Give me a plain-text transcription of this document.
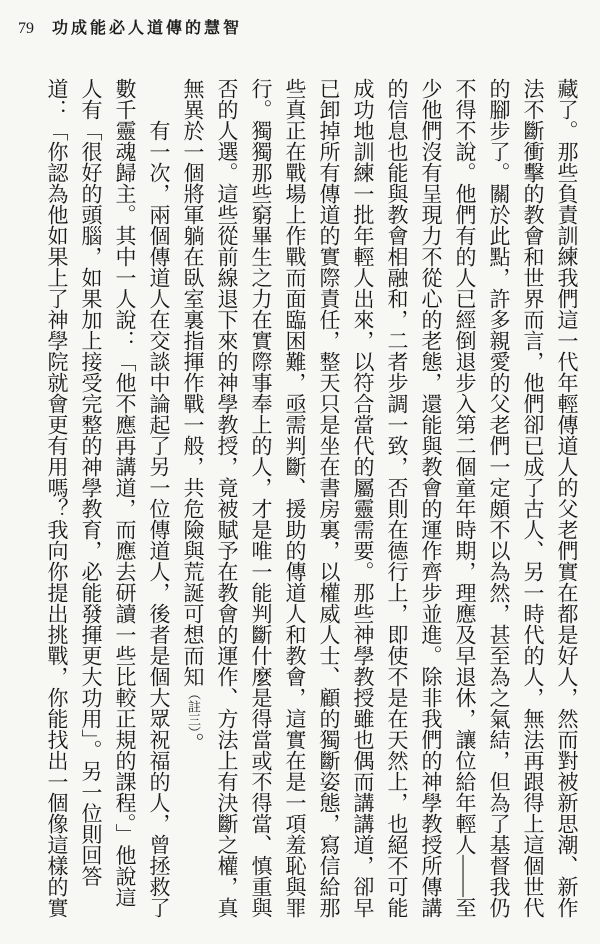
79 功成能必人道傳的慧智
藏了。那些負責訓練我們這一代年輕傳道人的父老們實在都是好人，然而對被新思潮、新作
法不斷衝擊的教會和世界而言，他們卻已成了古人、另一時代的人，無法再跟得上這個世代
的腳步了。關於此點，許多親愛的父老們一定頗不以為然，甚至為之氣結，但為了基督我仍
不得不說。他們有的人已經倒退步入第二個童年時期，理應及早退休，讓位給年輕人——至
少他們沒有呈現力不從心的老態，還能與教會的運作齊步並進。除非我們的神學教授所傳講
的信息也能與教會相融和，二者步調一致，否則在德行上，即使不是在天然上，也絕不可能
成功地訓練一批年輕人出來，以符合當代的屬靈需要。那些神學教授雖也偶而講講道，卻早
已卸掉所有傳道的實際責任，整天只是坐在書房裏，以權威人士、顧的獨斷姿態，寫信給那
些真正在戰場上作戰而面臨困難，亟需判斷、援助的傳道人和教會，這實在是一項羞恥與罪
行。獨獨那些窮畢生之力在實際事奉上的人，才是唯一能判斷什麼是得當或不得當、慎重與
否的人選。這些從前線退下來的神學教授，竟被賦予在教會的運作、方法上有決斷之權，真
無異於一個將軍躺在臥室裏指揮作戰一般，共危險與荒誕可想而知（註三）。
　　有一次，兩個傳道人在交談中論起了另一位傳道人，後者是個大眾祝福的人，曾拯救了
數千靈魂歸主。其中一人說：「他不應再講道，而應去研讀一些比較正規的課程。」他說這
人有「很好的頭腦，如果加上接受完整的神學教育，必能發揮更大功用」。另一位則回答
道：「你認為他如果上了神學院就會更有用嗎？我向你提出挑戰，你能找出一個像這樣的實
